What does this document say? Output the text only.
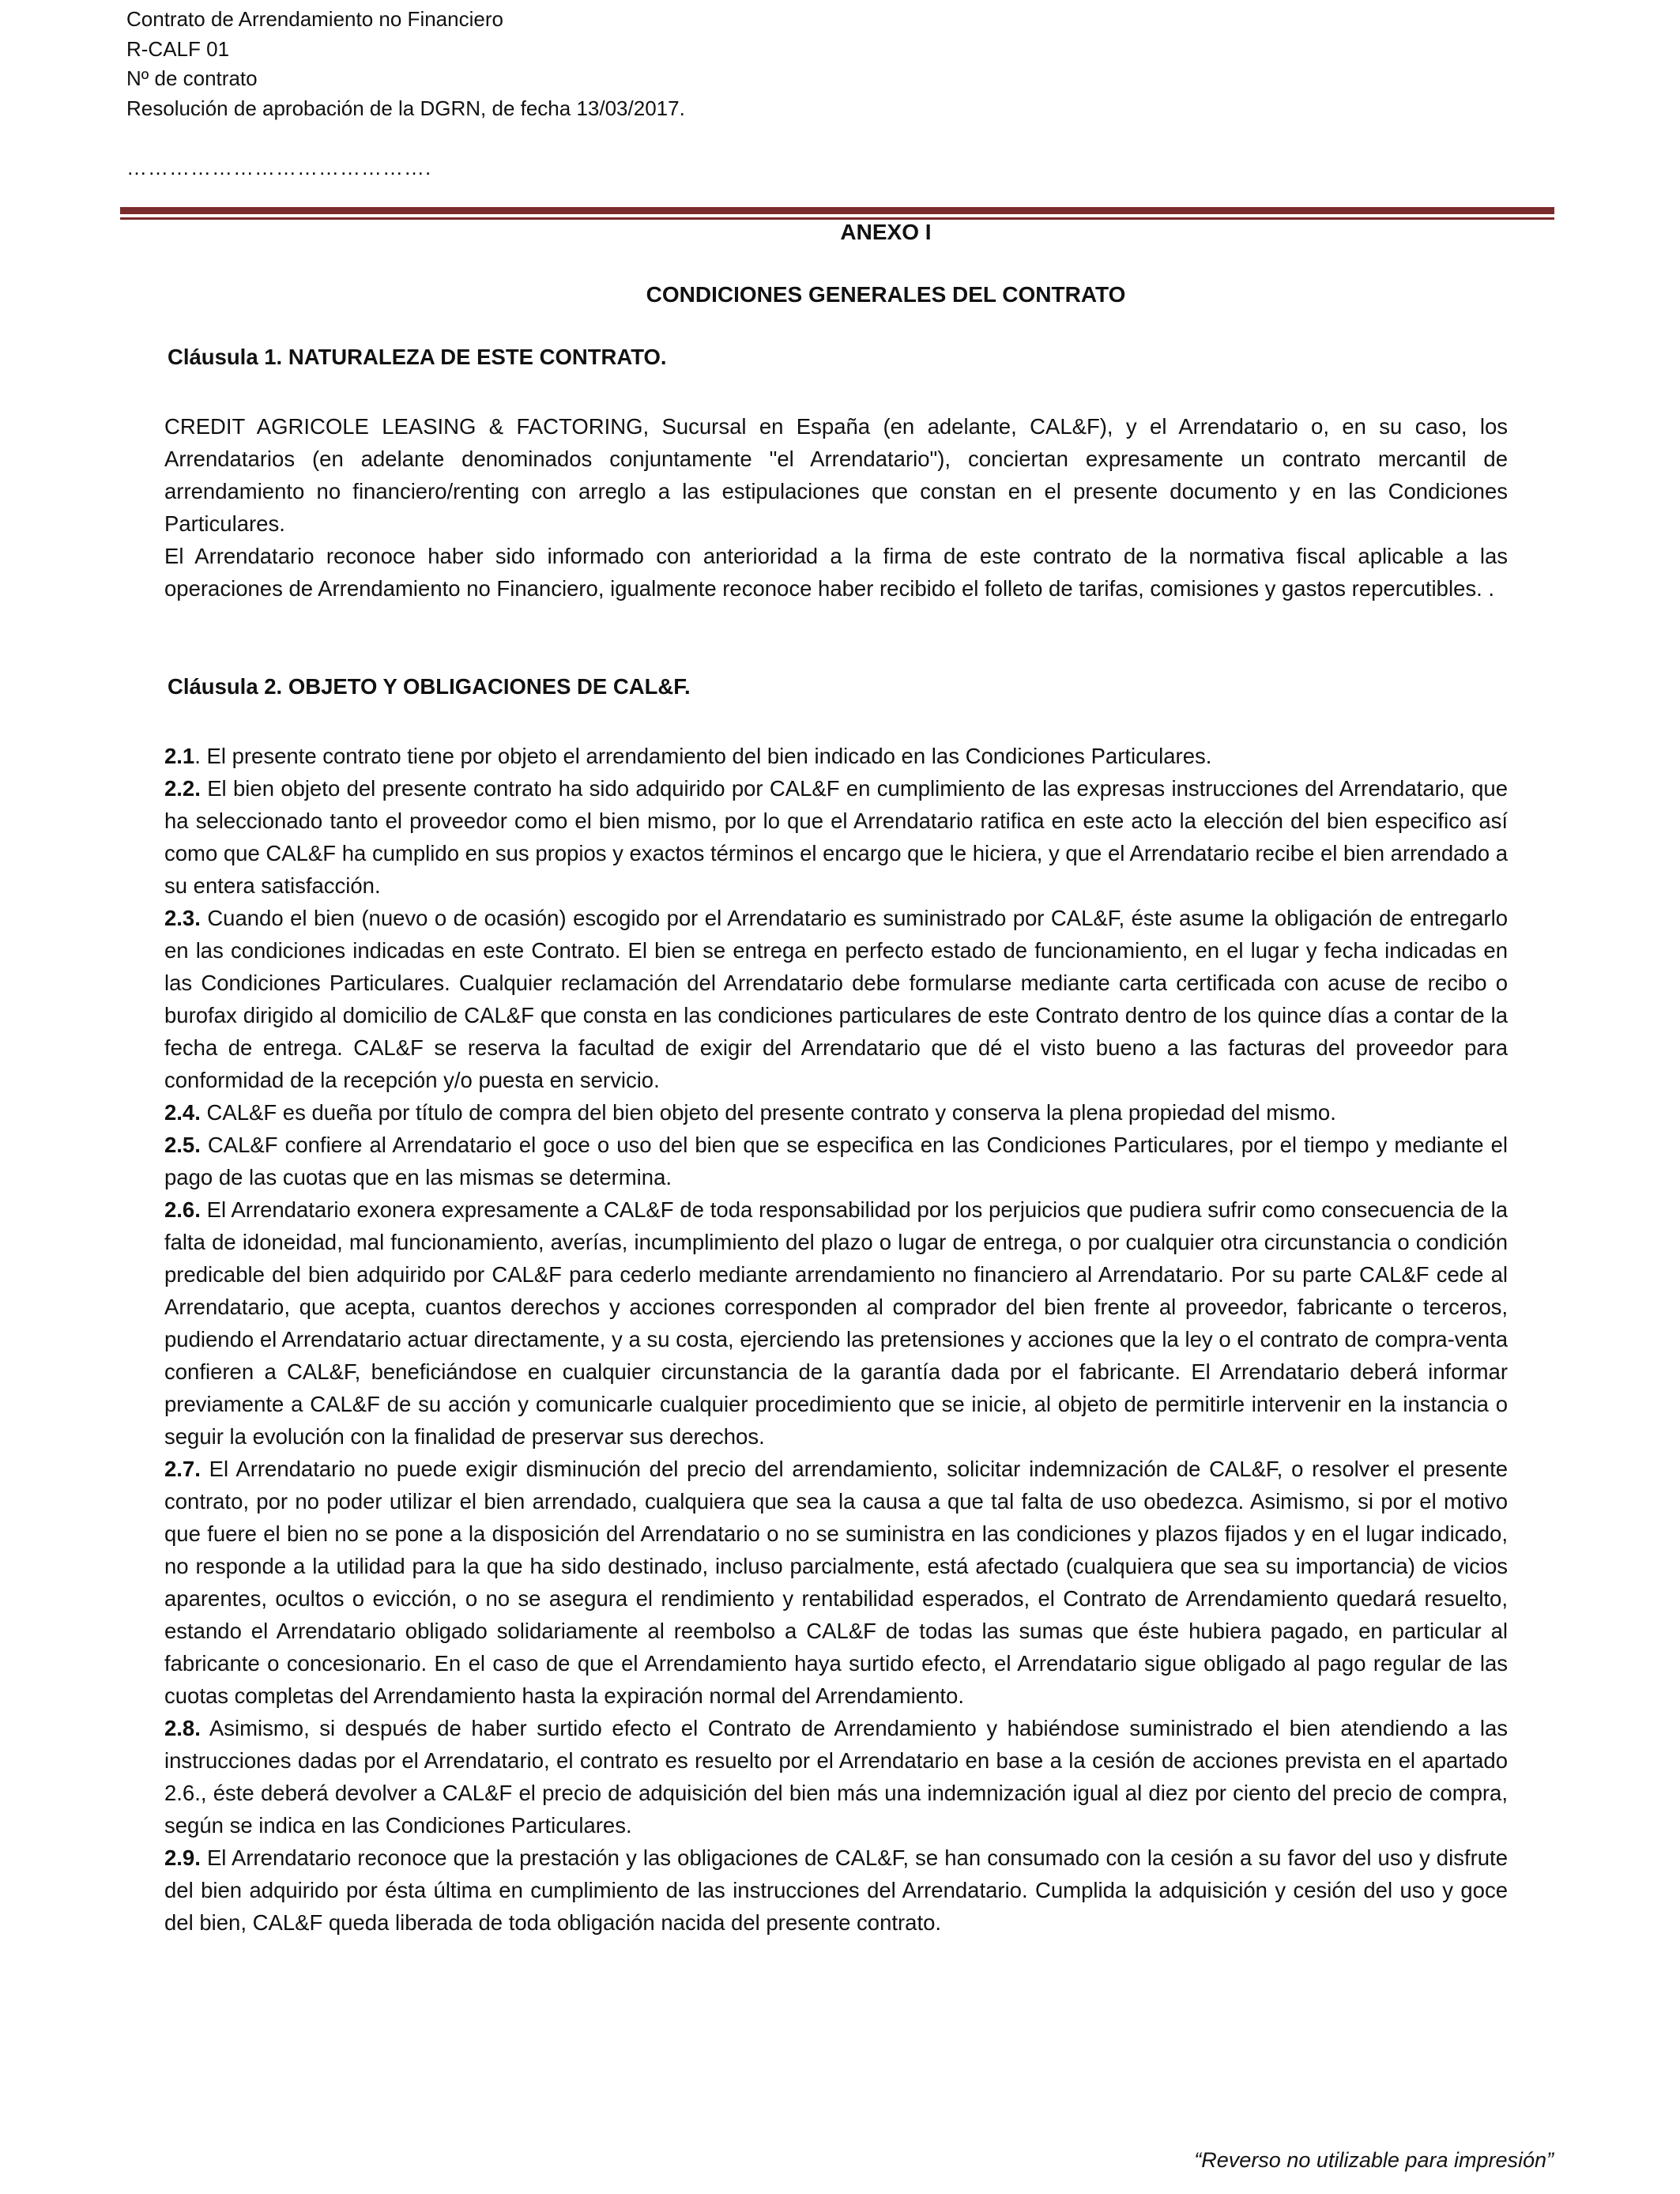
Contrato de Arrendamiento no Financiero
R-CALF 01
Nº de contrato
Resolución de aprobación de la DGRN, de fecha 13/03/2017.
…………………………………….
ANEXO I
CONDICIONES GENERALES DEL CONTRATO
Cláusula 1. NATURALEZA DE ESTE CONTRATO.

CREDIT AGRICOLE LEASING & FACTORING, Sucursal en España (en adelante, CAL&F), y el Arrendatario o, en su caso, los Arrendatarios (en adelante denominados conjuntamente "el Arrendatario"), conciertan expresamente un contrato mercantil de arrendamiento no financiero/renting con arreglo a las estipulaciones que constan en el presente documento y en las Condiciones Particulares.

El Arrendatario reconoce haber sido informado con anterioridad a la firma de este contrato de la normativa fiscal aplicable a las operaciones de Arrendamiento no Financiero, igualmente reconoce haber recibido el folleto de tarifas, comisiones y gastos repercutibles. .

Cláusula 2. OBJETO Y OBLIGACIONES DE CAL&F.

2.1. El presente contrato tiene por objeto el arrendamiento del bien indicado en las Condiciones Particulares.

2.2. El bien objeto del presente contrato ha sido adquirido por CAL&F en cumplimiento de las expresas instrucciones del Arrendatario, que ha seleccionado tanto el proveedor como el bien mismo, por lo que el Arrendatario ratifica en este acto la elección del bien especifico así como que CAL&F ha cumplido en sus propios y exactos términos el encargo que le hiciera, y que el Arrendatario recibe el bien arrendado a su entera satisfacción.

2.3. Cuando el bien (nuevo o de ocasión) escogido por el Arrendatario es suministrado por CAL&F, éste asume la obligación de entregarlo en las condiciones indicadas en este Contrato. El bien se entrega en perfecto estado de funcionamiento, en el lugar y fecha indicadas en las Condiciones Particulares. Cualquier reclamación del Arrendatario debe formularse mediante carta certificada con acuse de recibo o burofax dirigido al domicilio de CAL&F que consta en las condiciones particulares de este Contrato dentro de los quince días a contar de la fecha de entrega. CAL&F se reserva la facultad de exigir del Arrendatario que dé el visto bueno a las facturas del proveedor para conformidad de la recepción y/o puesta en servicio.

2.4. CAL&F es dueña por título de compra del bien objeto del presente contrato y conserva la plena propiedad del mismo.

2.5. CAL&F confiere al Arrendatario el goce o uso del bien que se especifica en las Condiciones Particulares, por el tiempo y mediante el pago de las cuotas que en las mismas se determina.

2.6. El Arrendatario exonera expresamente a CAL&F de toda responsabilidad por los perjuicios que pudiera sufrir como consecuencia de la falta de idoneidad, mal funcionamiento, averías, incumplimiento del plazo o lugar de entrega, o por cualquier otra circunstancia o condición predicable del bien adquirido por CAL&F para cederlo mediante arrendamiento no financiero al Arrendatario. Por su parte CAL&F cede al Arrendatario, que acepta, cuantos derechos y acciones corresponden al comprador del bien frente al proveedor, fabricante o terceros, pudiendo el Arrendatario actuar directamente, y a su costa, ejerciendo las pretensiones y acciones que la ley o el contrato de compra-venta confieren a CAL&F, beneficiándose en cualquier circunstancia de la garantía dada por el fabricante. El Arrendatario deberá informar previamente a CAL&F de su acción y comunicarle cualquier procedimiento que se inicie, al objeto de permitirle intervenir en la instancia o seguir la evolución con la finalidad de preservar sus derechos.

2.7. El Arrendatario no puede exigir disminución del precio del arrendamiento, solicitar indemnización de CAL&F, o resolver el presente contrato, por no poder utilizar el bien arrendado, cualquiera que sea la causa a que tal falta de uso obedezca. Asimismo, si por el motivo que fuere el bien no se pone a la disposición del Arrendatario o no se suministra en las condiciones y plazos fijados y en el lugar indicado, no responde a la utilidad para la que ha sido destinado, incluso parcialmente, está afectado (cualquiera que sea su importancia) de vicios aparentes, ocultos o evicción, o no se asegura el rendimiento y rentabilidad esperados, el Contrato de Arrendamiento quedará resuelto, estando el Arrendatario obligado solidariamente al reembolso a CAL&F de todas las sumas que éste hubiera pagado, en particular al fabricante o concesionario. En el caso de que el Arrendamiento haya surtido efecto, el Arrendatario sigue obligado al pago regular de las cuotas completas del Arrendamiento hasta la expiración normal del Arrendamiento.

2.8. Asimismo, si después de haber surtido efecto el Contrato de Arrendamiento y habiéndose suministrado el bien atendiendo a las instrucciones dadas por el Arrendatario, el contrato es resuelto por el Arrendatario en base a la cesión de acciones prevista en el apartado 2.6., éste deberá devolver a CAL&F el precio de adquisición del bien más una indemnización igual al diez por ciento del precio de compra, según se indica en las Condiciones Particulares.

2.9. El Arrendatario reconoce que la prestación y las obligaciones de CAL&F, se han consumado con la cesión a su favor del uso y disfrute del bien adquirido por ésta última en cumplimiento de las instrucciones del Arrendatario. Cumplida la adquisición y cesión del uso y goce del bien, CAL&F queda liberada de toda obligación nacida del presente contrato.

“Reverso no utilizable para impresión”
